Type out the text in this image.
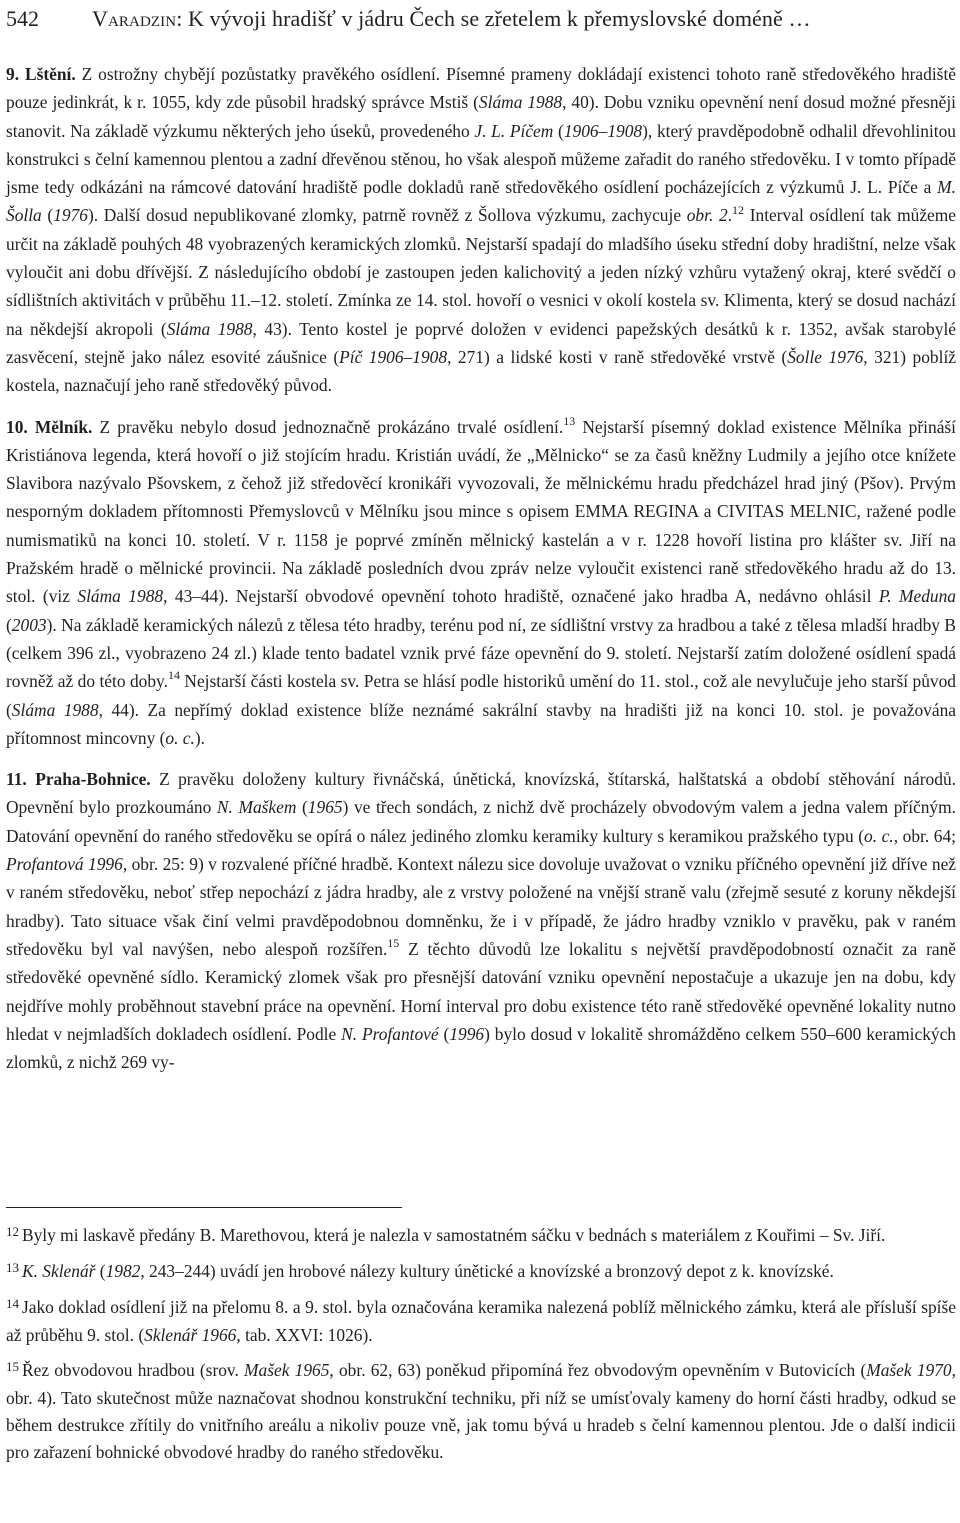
542 Varadzin: K vývoji hradišť v jádru Čech se zřetelem k přemyslovské doméně …

9. Lštění. Z ostrožny chybějí pozůstatky pravěkého osídlení. Písemné prameny dokládají existenci tohoto raně středověkého hradiště pouze jedinkrát, k r. 1055, kdy zde působil hradský správce Mstiš (Sláma 1988, 40). Dobu vzniku opevnění není dosud možné přesněji stanovit. Na základě výzkumu některých jeho úseků, provedeného J. L. Píčem (1906–1908), který pravděpodobně odhalil dřevohlinitou konstrukci s čelní kamennou plentou a zadní dřevěnou stěnou, ho však alespoň můžeme zařadit do raného středověku. I v tomto případě jsme tedy odkázáni na rámcové datování hradiště podle dokladů raně středověkého osídlení pocházejících z výzkumů J. L. Píče a M. Šolla (1976). Další dosud nepublikované zlomky, patrně rovněž z Šollova výzkumu, zachycuje obr. 2.12 Interval osídlení tak můžeme určit na základě pouhých 48 vyobrazených keramických zlomků. Nejstarší spadají do mladšího úseku střední doby hradištní, nelze však vyloučit ani dobu dřívější. Z následujícího období je zastoupen jeden kalichovitý a jeden nízký vzhůru vytažený okraj, které svědčí o sídlištních aktivitách v průběhu 11.–12. století. Zmínka ze 14. stol. hovoří o vesnici v okolí kostela sv. Klimenta, který se dosud nachází na někdejší akropoli (Sláma 1988, 43). Tento kostel je poprvé doložen v evidenci papežských desátků k r. 1352, avšak starobylé zasvěcení, stejně jako nález esovité záušnice (Píč 1906–1908, 271) a lidské kosti v raně středověké vrstvě (Šolle 1976, 321) poblíž kostela, naznačují jeho raně středověký původ.

10. Mělník. Z pravěku nebylo dosud jednoznačně prokázáno trvalé osídlení.$^{13}$ Nejstarší písemný doklad existence Mělníka přináší Kristiánova legenda, která hovoří o již stojícím hradu. Kristián uvádí, že „Mělnicko“ se za časů kněžny Ludmily a jejího otce knížete Slavibora nazývalo Pšovskem, z čehož již středověcí kronikáři vyvozovali, že mělnickému hradu předcházel hrad jiný (Pšov). Prvým nesporným dokladem přítomnosti Přemyslovců v Mělníku jsou mince s opisem EMMA REGINA a CIVITAS MELNIC, ražené podle numismatiků na konci 10. století. V r. 1158 je poprvé zmíněn mělnický kastelán a v r. 1228 hovoří listina pro klášter sv. Jiří na Pražském hradě o mělnické provincii. Na základě posledních dvou zpráv nelze vyloučit existenci raně středověkého hradu až do 13. stol. (viz Sláma 1988, 43–44). Nejstarší obvodové opevnění tohoto hradiště, označené jako hradba A, nedávno ohlásil P. Meduna (2003). Na základě keramických nálezů z tělesa této hradby, terénu pod ní, ze sídlištní vrstvy za hradbou a také z tělesa mladší hradby B (celkem 396 zl., vyobrazeno 24 zl.) klade tento badatel vznik prvé fáze opevnění do 9. století. Nejstarší zatím doložené osídlení spadá rovněž až do této doby.$^{14}$ Nejstarší části kostela sv. Petra se hlásí podle historiků umění do 11. stol., což ale nevylučuje jeho starší původ (Sláma 1988, 44). Za nepřímý doklad existence blíže neznámé sakrální stavby na hradišti již na konci 10. stol. je považována přítomnost mincovny (o. c.).

11. Praha-Bohnice. Z pravěku doloženy kultury řivnáčská, únětická, knovízská, štítarská, halštatská a období stěhování národů. Opevnění bylo prozkoumáno N. Maškem (1965) ve třech sondách, z nichž dvě procházely obvodovým valem a jedna valem příčným. Datování opevnění do raného středověku se opírá o nález jediného zlomku keramiky kultury s keramikou pražského typu (o. c., obr. 64; Profantová 1996, obr. 25: 9) v rozvalené příčné hradbě. Kontext nálezu sice dovoluje uvažovat o vzniku příčného opevnění již dříve než v raném středověku, neboť střep nepochází z jádra hradby, ale z vrstvy položené na vnější straně valu (zřejmě sesuté z koruny někdejší hradby). Tato situace však činí velmi pravděpodobnou domněnku, že i v případě, že jádro hradby vzniklo v pravěku, pak v raném středověku byl val navýšen, nebo alespoň rozšířen.$^{15}$ Z těchto důvodů lze lokalitu s největší pravděpodobností označit za raně středověké opevněné sídlo. Keramický zlomek však pro přesnější datování vzniku opevnění nepostačuje a ukazuje jen na dobu, kdy nejdříve mohly proběhnout stavební práce na opevnění. Horní interval pro dobu existence této raně středověké opevněné lokality nutno hledat v nejmladších dokladech osídlení. Podle N. Profantové (1996) bylo dosud v lokalitě shromážděno celkem 550–600 keramických zlomků, z nichž 269 vy-

$^{12}$ Byly mi laskavě předány B. Marethovou, která je nalezla v samostatném sáčku v bednách s materiálem z Kouřimi – Sv. Jiří.
$^{13}$ K. Sklenář (1982, 243–244) uvádí jen hrobové nálezy kultury únětické a knovízské a bronzový depot z k. knovízské.
$^{14}$ Jako doklad osídlení již na přelomu 8. a 9. stol. byla označována keramika nalezená poblíž mělnického zámku, která ale přísluší spíše až průběhu 9. stol. (Sklenář 1966, tab. XXVI: 1026).
$^{15}$ Řez obvodovou hradbou (srov. Mašek 1965, obr. 62, 63) poněkud připomíná řez obvodovým opevněním v Butovicích (Mašek 1970, obr. 4). Tato skutečnost může naznačovat shodnou konstrukční techniku, při níž se umísťovaly kameny do horní části hradby, odkud se během destrukce zřítily do vnitřního areálu a nikoliv pouze vně, jak tomu bývá u hradeb s čelní kamennou plentou. Jde o další indicii pro zařazení bohnické obvodové hradby do raného středověku.
